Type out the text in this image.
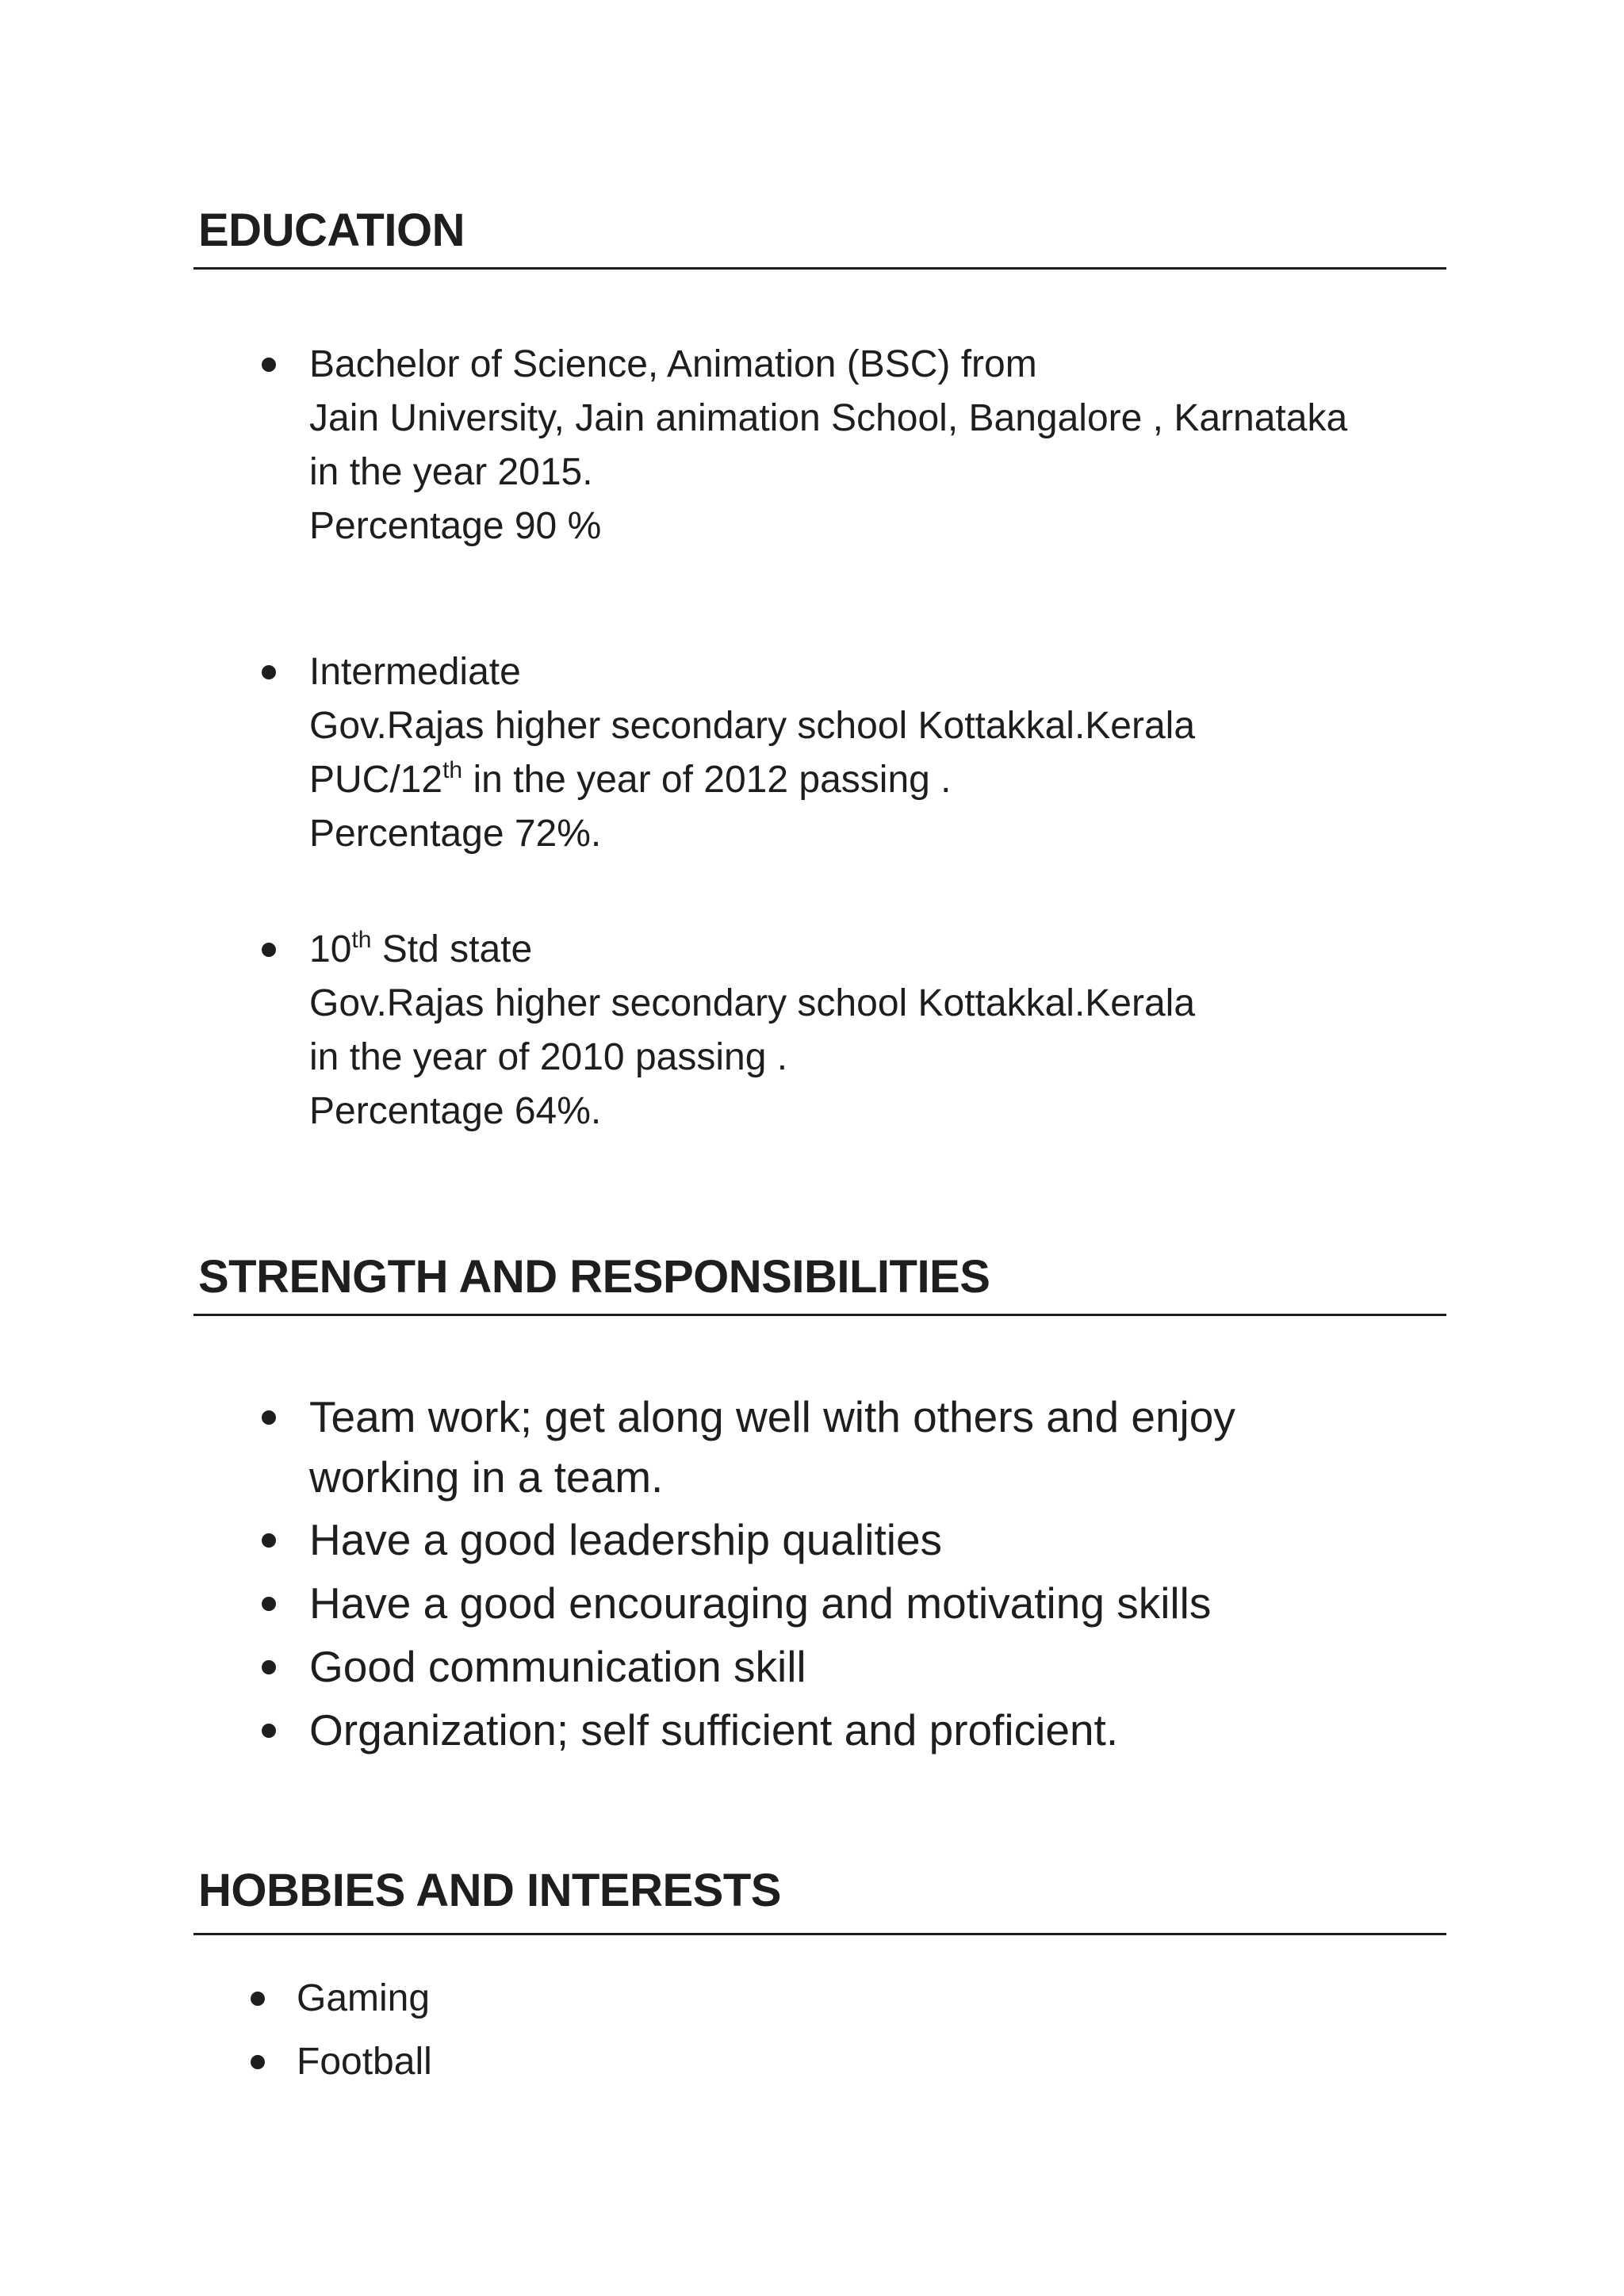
EDUCATION
Bachelor of Science, Animation (BSC) from
Jain University, Jain animation School, Bangalore , Karnataka
in the year 2015.
Percentage 90 %
Intermediate
Gov.Rajas higher secondary school Kottakkal.Kerala
PUC/12th in the year of 2012 passing .
Percentage 72%.
10th Std state
Gov.Rajas higher secondary school Kottakkal.Kerala
in the year of 2010 passing .
Percentage 64%.
STRENGTH AND RESPONSIBILITIES
Team work; get along well with others and enjoy
working in a team.
Have a good leadership qualities
Have a good encouraging and motivating skills
Good communication skill
Organization; self sufficient and proficient.
HOBBIES AND INTERESTS
Gaming
Football
